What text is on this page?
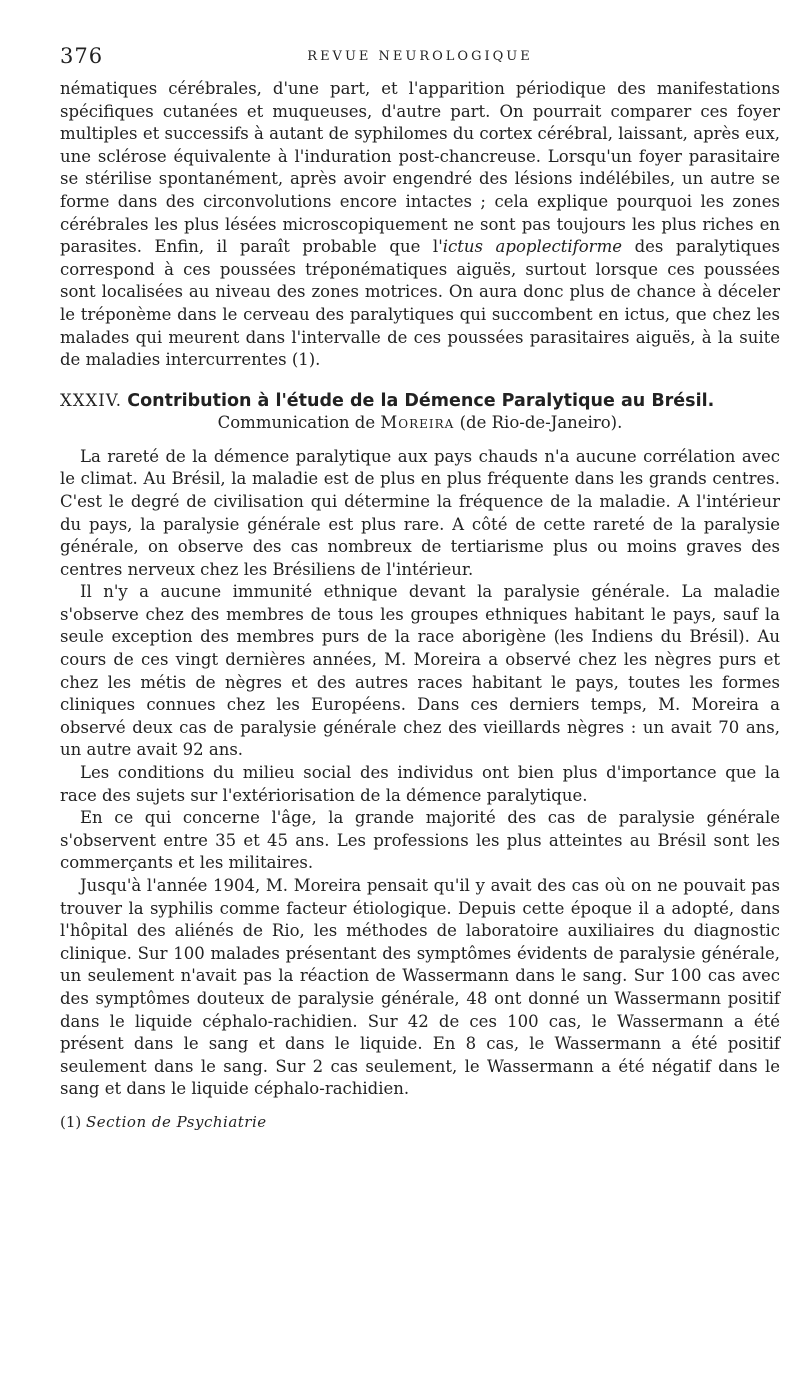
376	REVUE NEUROLOGIQUE

nématiques cérébrales, d'une part, et l'apparition périodique des manifestations spécifiques cutanées et muqueuses, d'autre part. On pourrait comparer ces foyer multiples et successifs à autant de syphilomes du cortex cérébral, laissant, après eux, une sclérose équivalente à l'induration post-chancreuse. Lorsqu'un foyer parasitaire se stérilise spontanément, après avoir engendré des lésions indélébiles, un autre se forme dans des circonvolutions encore intactes ; cela explique pourquoi les zones cérébrales les plus lésées microscopiquement ne sont pas toujours les plus riches en parasites. Enfin, il paraît probable que l'ictus apoplectiforme des paralytiques correspond à ces poussées tréponématiques aiguës, surtout lorsque ces poussées sont localisées au niveau des zones motrices. On aura donc plus de chance à déceler le tréponème dans le cerveau des paralytiques qui succombent en ictus, que chez les malades qui meurent dans l'intervalle de ces poussées parasitaires aiguës, à la suite de maladies intercurrentes (1).

XXXIV. Contribution à l'étude de la Démence Paralytique au Brésil.
Communication de Moreira (de Rio-de-Janeiro).

La rareté de la démence paralytique aux pays chauds n'a aucune corrélation avec le climat. Au Brésil, la maladie est de plus en plus fréquente dans les grands centres. C'est le degré de civilisation qui détermine la fréquence de la maladie. A l'intérieur du pays, la paralysie générale est plus rare. A côté de cette rareté de la paralysie générale, on observe des cas nombreux de tertiarisme plus ou moins graves des centres nerveux chez les Brésiliens de l'intérieur.

Il n'y a aucune immunité ethnique devant la paralysie générale. La maladie s'observe chez des membres de tous les groupes ethniques habitant le pays, sauf la seule exception des membres purs de la race aborigène (les Indiens du Brésil). Au cours de ces vingt dernières années, M. Moreira a observé chez les nègres purs et chez les métis de nègres et des autres races habitant le pays, toutes les formes cliniques connues chez les Européens. Dans ces derniers temps, M. Moreira a observé deux cas de paralysie générale chez des vieillards nègres : un avait 70 ans, un autre avait 92 ans.

Les conditions du milieu social des individus ont bien plus d'importance que la race des sujets sur l'extériorisation de la démence paralytique.

En ce qui concerne l'âge, la grande majorité des cas de paralysie générale s'observent entre 35 et 45 ans. Les professions les plus atteintes au Brésil sont les commerçants et les militaires.

Jusqu'à l'année 1904, M. Moreira pensait qu'il y avait des cas où on ne pouvait pas trouver la syphilis comme facteur étiologique. Depuis cette époque il a adopté, dans l'hôpital des aliénés de Rio, les méthodes de laboratoire auxiliaires du diagnostic clinique. Sur 100 malades présentant des symptômes évidents de paralysie générale, un seulement n'avait pas la réaction de Wassermann dans le sang. Sur 100 cas avec des symptômes douteux de paralysie générale, 48 ont donné un Wassermann positif dans le liquide céphalo-rachidien. Sur 42 de ces 100 cas, le Wassermann a été présent dans le sang et dans le liquide. En 8 cas, le Wassermann a été positif seulement dans le sang. Sur 2 cas seulement, le Wassermann a été négatif dans le sang et dans le liquide céphalo-rachidien.

(1) Section de Psychiatrie
